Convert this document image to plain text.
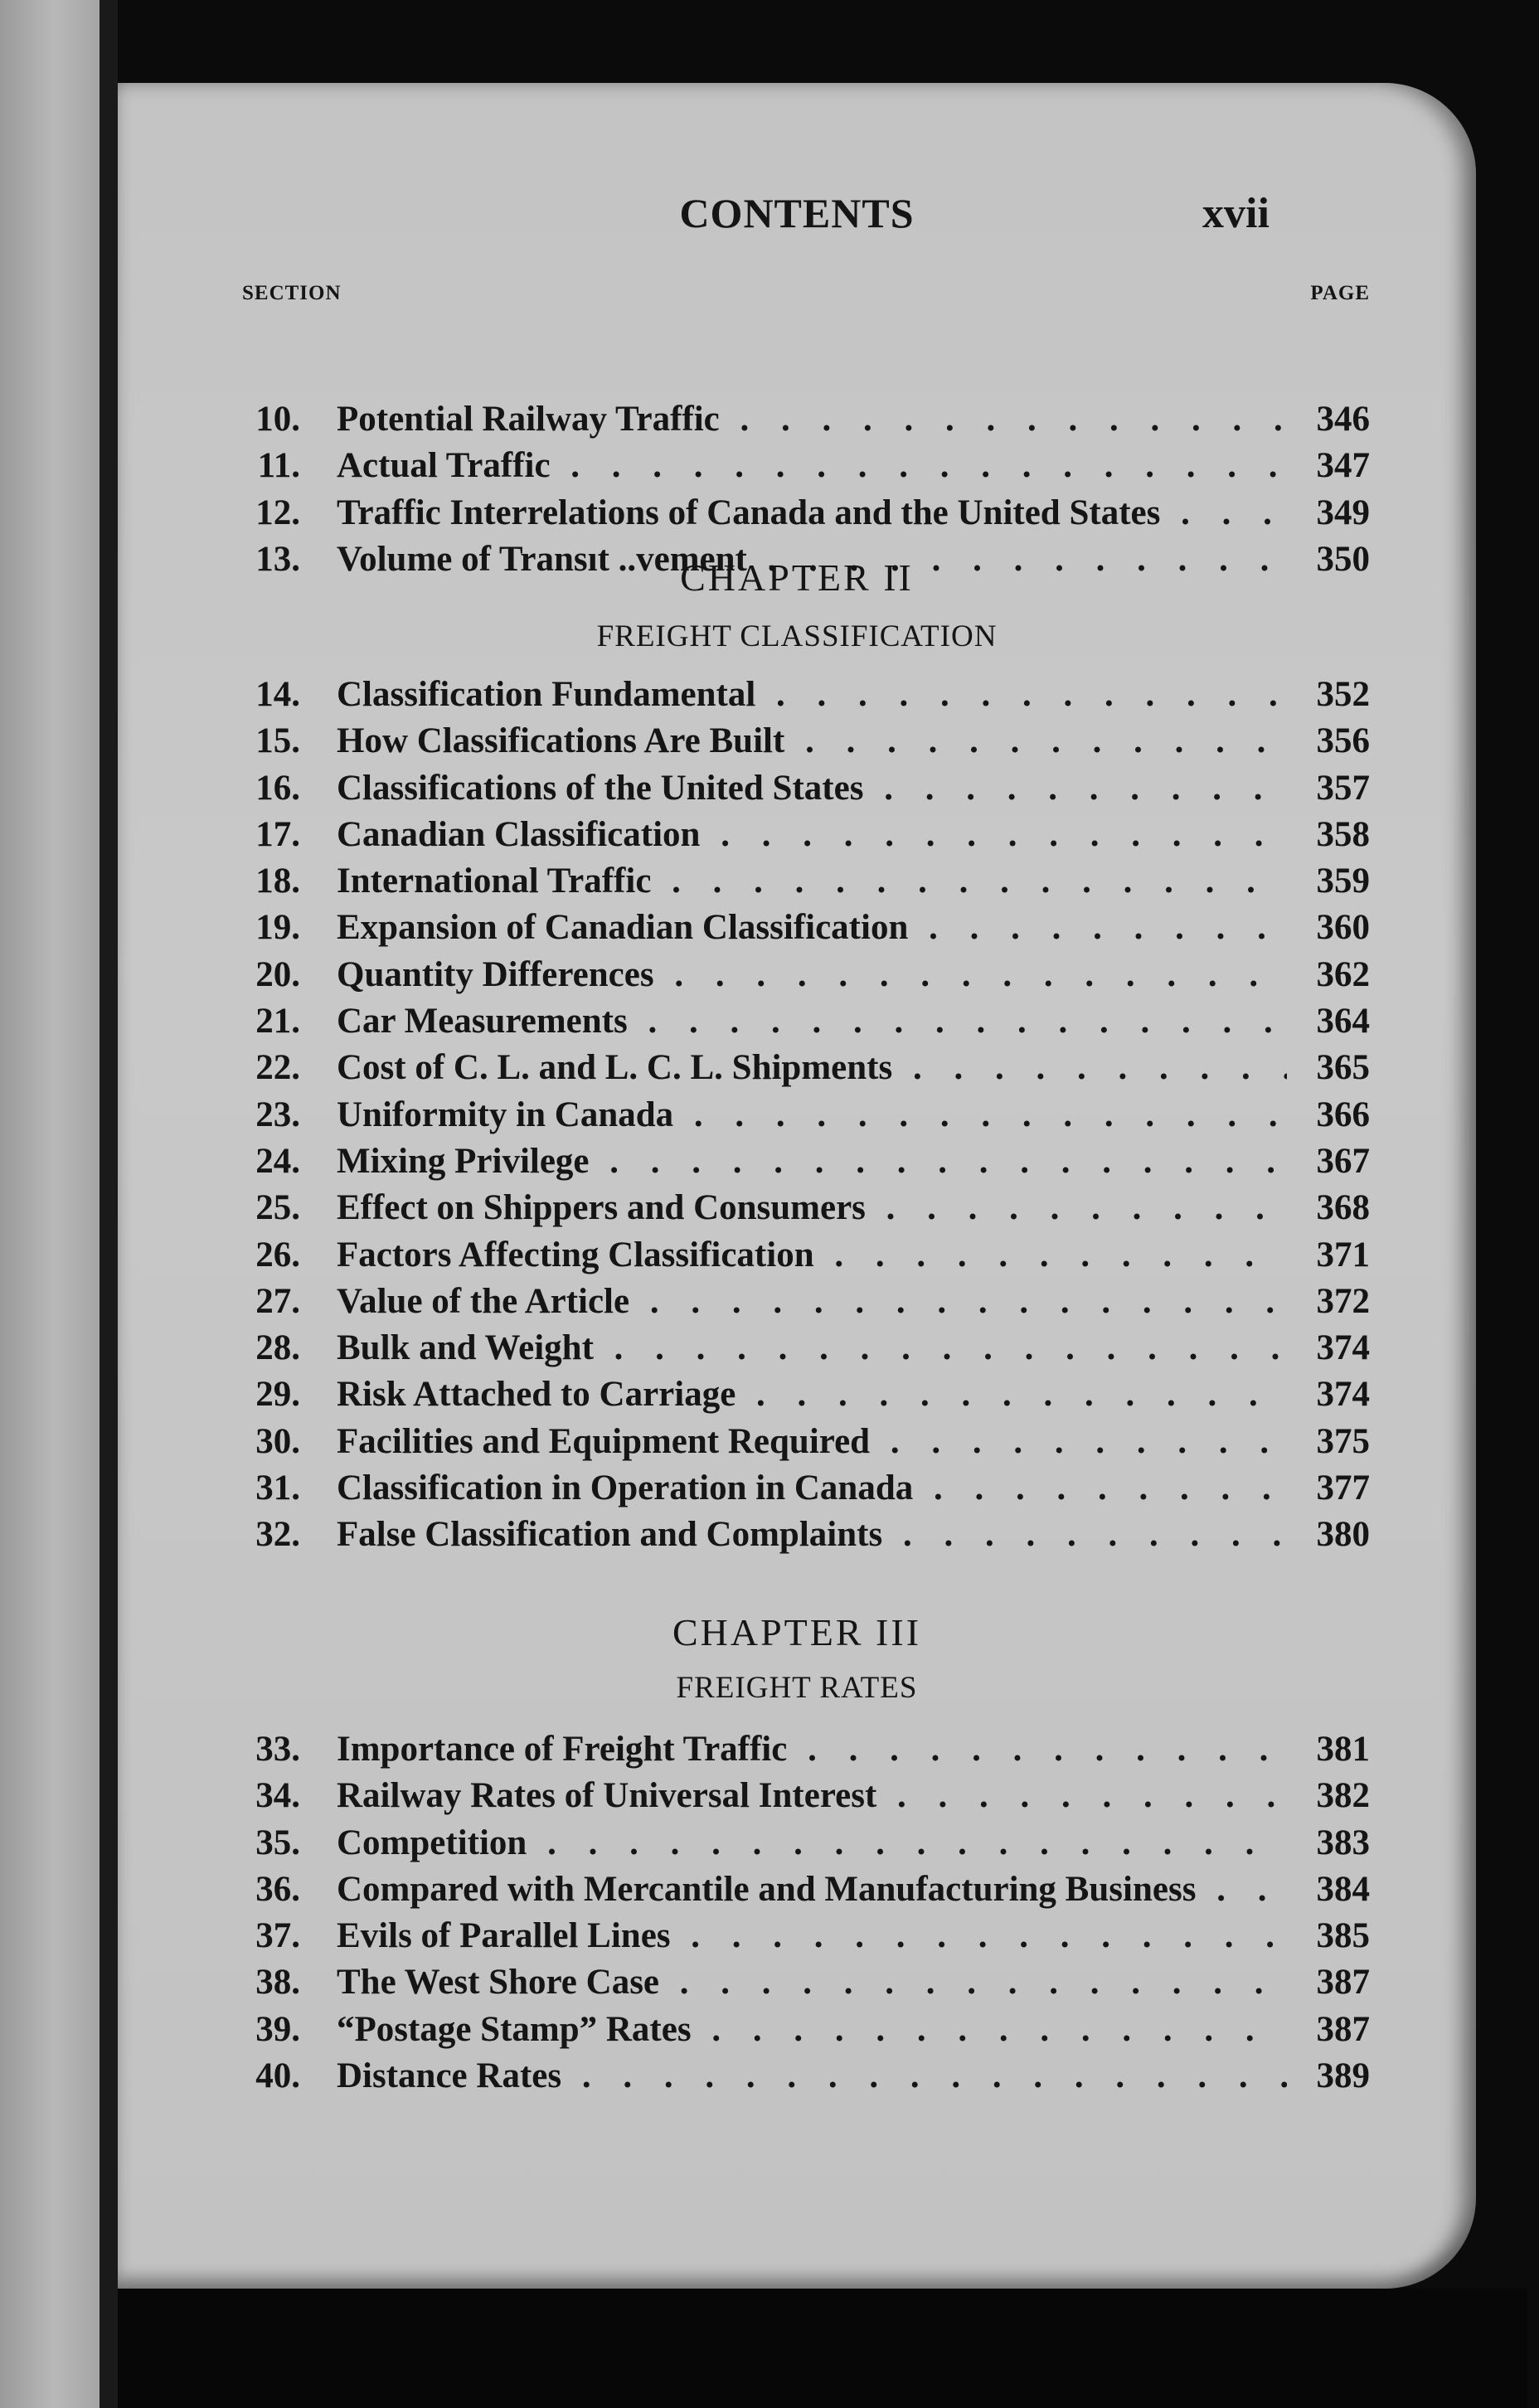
CONTENTS	xvii
SECTION	PAGE
10. Potential Railway Traffic . . .	346
11. Actual Traffic . . .	347
12. Traffic Interrelations of Canada and the United States . . .	349
13. Volume of Transıt ..vement . . .	350
CHAPTER II
FREIGHT CLASSIFICATION
14. Classification Fundamental . . .	352
15. How Classifications Are Built . . .	356
16. Classifications of the United States . . .	357
17. Canadian Classification . . .	358
18. International Traffic . . .	359
19. Expansion of Canadian Classification . . .	360
20. Quantity Differences . . .	362
21. Car Measurements . . .	364
22. Cost of C. L. and L. C. L. Shipments . . .	365
23. Uniformity in Canada . . .	366
24. Mixing Privilege . . .	367
25. Effect on Shippers and Consumers . . .	368
26. Factors Affecting Classification . . .	371
27. Value of the Article . . .	372
28. Bulk and Weight . . .	374
29. Risk Attached to Carriage . . .	374
30. Facilities and Equipment Required . . .	375
31. Classification in Operation in Canada . . .	377
32. False Classification and Complaints . . .	380
CHAPTER III
FREIGHT RATES
33. Importance of Freight Traffic . . .	381
34. Railway Rates of Universal Interest . . .	382
35. Competition . . .	383
36. Compared with Mercantile and Manufacturing Business . . .	384
37. Evils of Parallel Lines . . .	385
38. The West Shore Case . . .	387
39. “Postage Stamp” Rates . . .	387
40. Distance Rates . . .	389
